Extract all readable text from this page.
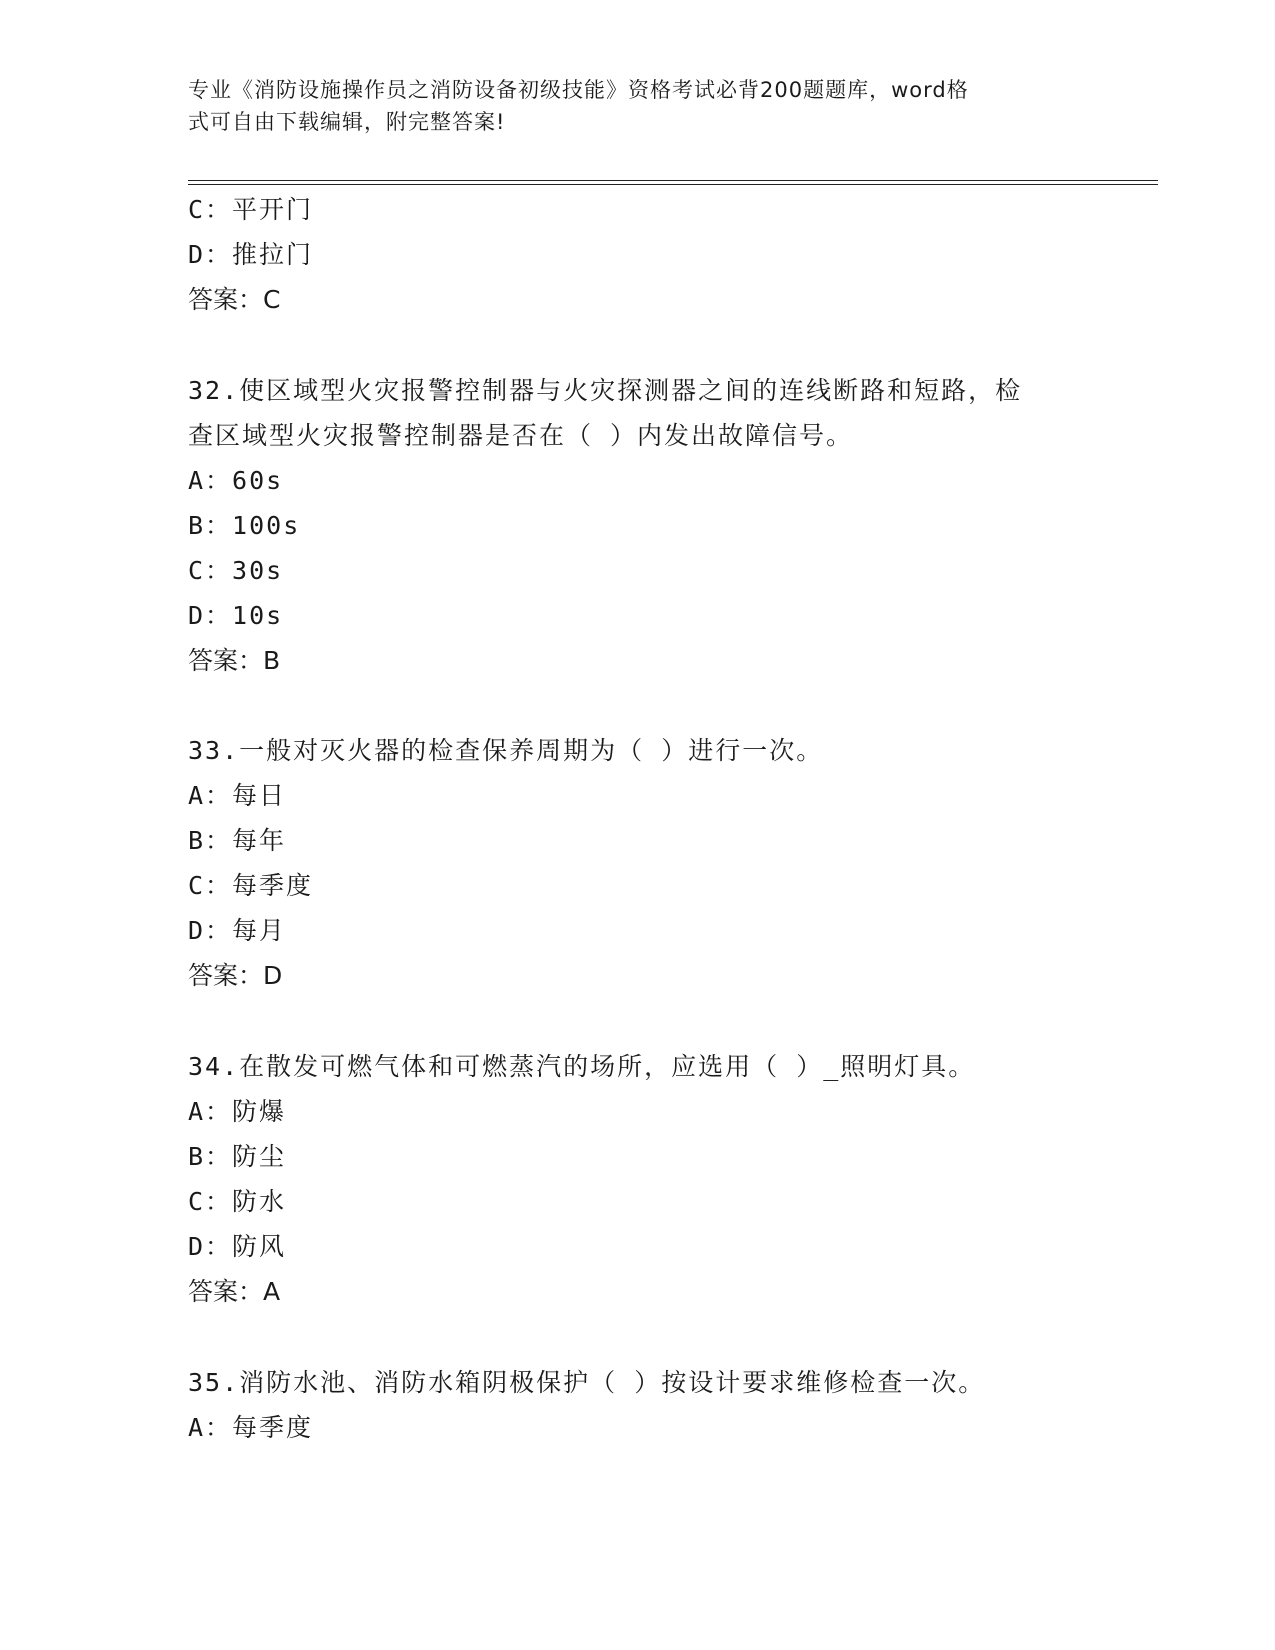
专业《消防设施操作员之消防设备初级技能》资格考试必背200题题库，word格
式可自由下载编辑，附完整答案!
C：平开门
D：推拉门
答案：C
32.使区域型火灾报警控制器与火灾探测器之间的连线断路和短路，检
查区域型火灾报警控制器是否在（ ）内发出故障信号。
A：60s
B：100s
C：30s
D：10s
答案：B
33.一般对灭火器的检查保养周期为（ ）进行一次。
A：每日
B：每年
C：每季度
D：每月
答案：D
34.在散发可燃气体和可燃蒸汽的场所，应选用（ ）_照明灯具。
A：防爆
B：防尘
C：防水
D：防风
答案：A
35.消防水池、消防水箱阴极保护（ ）按设计要求维修检查一次。
A：每季度
